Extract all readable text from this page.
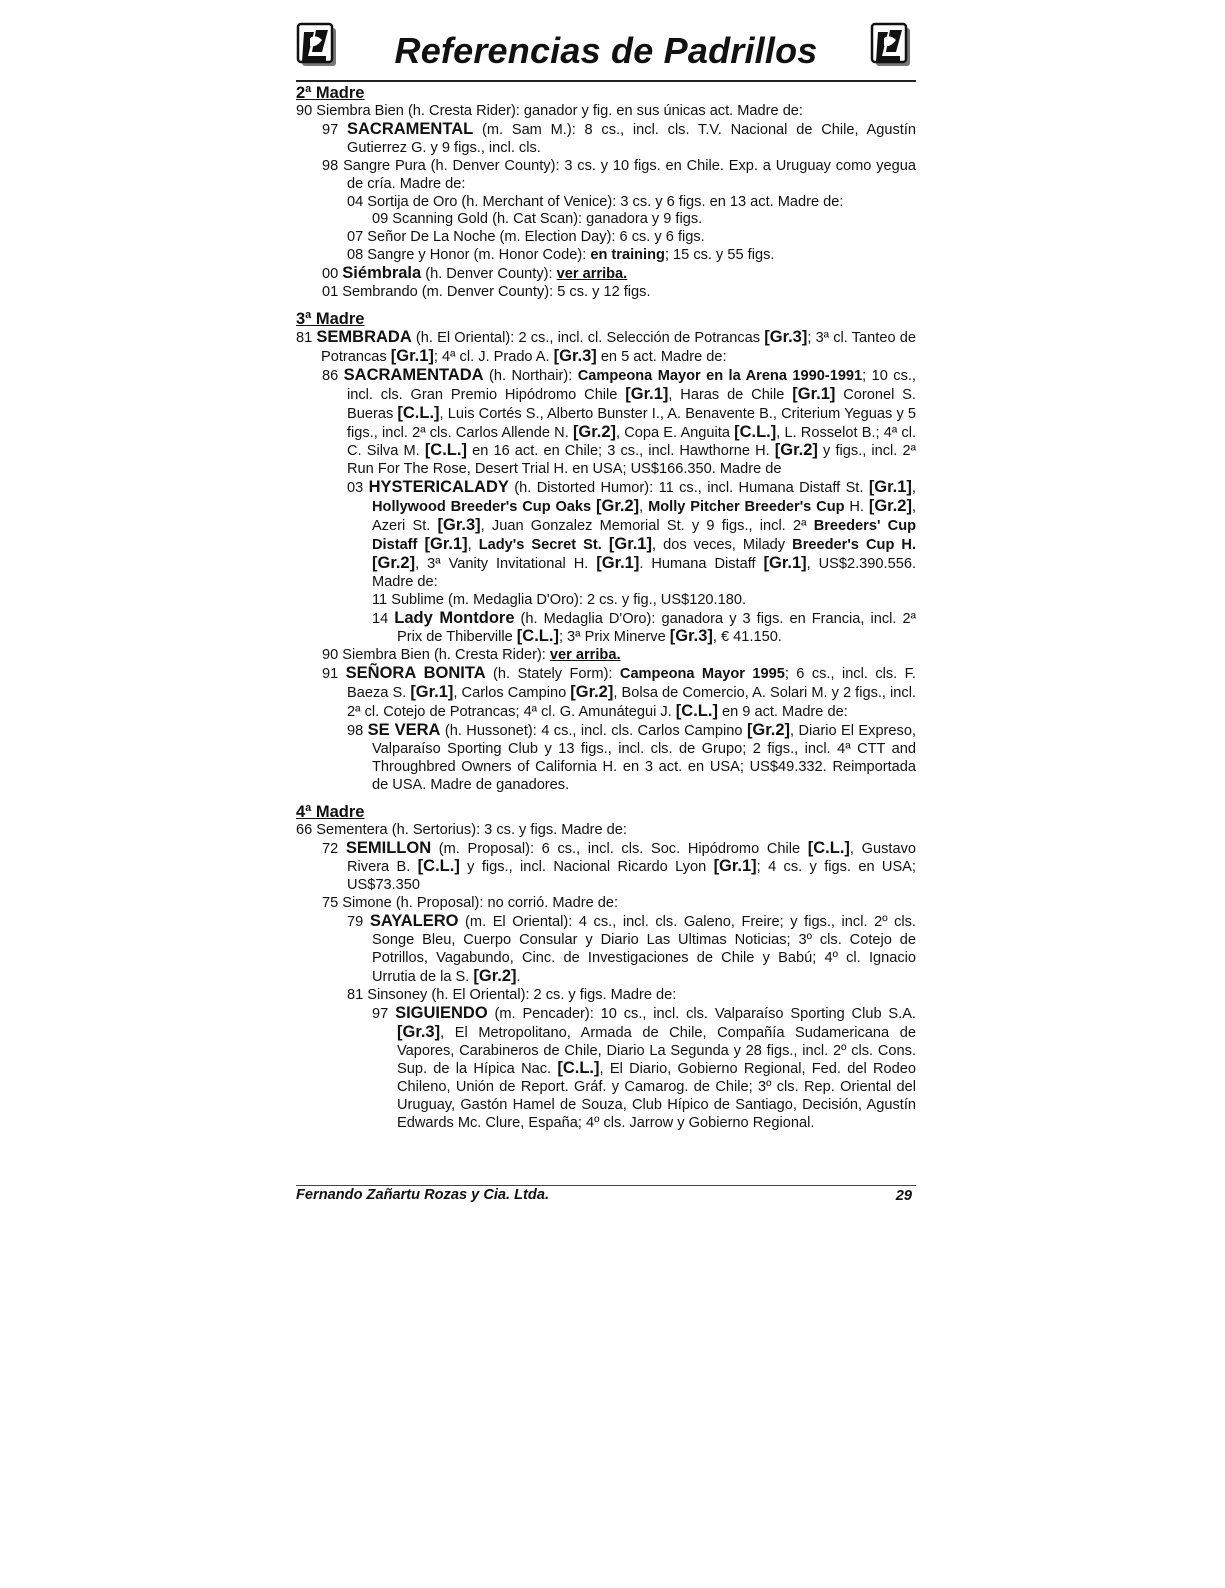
Referencias de Padrillos
2ª Madre
90 Siembra Bien (h. Cresta Rider): ganador y fig. en sus únicas act. Madre de:
97 SACRAMENTAL (m. Sam M.): 8 cs., incl. cls. T.V. Nacional de Chile, Agustín Gutierrez G. y 9 figs., incl. cls.
98 Sangre Pura (h. Denver County): 3 cs. y 10 figs. en Chile. Exp. a Uruguay como yegua de cría. Madre de:
04 Sortija de Oro (h. Merchant of Venice): 3 cs. y 6 figs. en 13 act. Madre de:
09 Scanning Gold (h. Cat Scan): ganadora y 9 figs.
07 Señor De La Noche (m. Election Day): 6 cs. y 6 figs.
08 Sangre y Honor (m. Honor Code): en training; 15 cs. y 55 figs.
00 Siémbrala (h. Denver County): ver arriba.
01 Sembrando (m. Denver County): 5 cs. y 12 figs.
3ª Madre
81 SEMBRADA (h. El Oriental): 2 cs., incl. cl. Selección de Potrancas [Gr.3]; 3ª cl. Tanteo de Potrancas [Gr.1]; 4ª cl. J. Prado A. [Gr.3] en 5 act. Madre de:
86 SACRAMENTADA (h. Northair): Campeona Mayor en la Arena 1990-1991; 10 cs., incl. cls. Gran Premio Hipódromo Chile [Gr.1], Haras de Chile [Gr.1] Coronel S. Bueras [C.L.], Luis Cortés S., Alberto Bunster I., A. Benavente B., Criterium Yeguas y 5 figs., incl. 2ª cls. Carlos Allende N. [Gr.2], Copa E. Anguita [C.L.], L. Rosselot B.; 4ª cl. C. Silva M. [C.L.] en 16 act. en Chile; 3 cs., incl. Hawthorne H. [Gr.2] y figs., incl. 2ª Run For The Rose, Desert Trial H. en USA; US$166.350. Madre de
03 HYSTERICALADY (h. Distorted Humor): 11 cs., incl. Humana Distaff St. [Gr.1], Hollywood Breeder's Cup Oaks [Gr.2], Molly Pitcher Breeder's Cup H. [Gr.2], Azeri St. [Gr.3], Juan Gonzalez Memorial St. y 9 figs., incl. 2ª Breeders' Cup Distaff [Gr.1], Lady's Secret St. [Gr.1], dos veces, Milady Breeder's Cup H. [Gr.2], 3ª Vanity Invitational H. [Gr.1]. Humana Distaff [Gr.1], US$2.390.556. Madre de:
11 Sublime (m. Medaglia D'Oro): 2 cs. y fig., US$120.180.
14 Lady Montdore (h. Medaglia D'Oro): ganadora y 3 figs. en Francia, incl. 2ª Prix de Thiberville [C.L.]; 3ª Prix Minerve [Gr.3], € 41.150.
90 Siembra Bien (h. Cresta Rider): ver arriba.
91 SEÑORA BONITA (h. Stately Form): Campeona Mayor 1995; 6 cs., incl. cls. F. Baeza S. [Gr.1], Carlos Campino [Gr.2], Bolsa de Comercio, A. Solari M. y 2 figs., incl. 2ª cl. Cotejo de Potrancas; 4ª cl. G. Amunátegui J. [C.L.] en 9 act. Madre de:
98 SE VERA (h. Hussonet): 4 cs., incl. cls. Carlos Campino [Gr.2], Diario El Expreso, Valparaíso Sporting Club y 13 figs., incl. cls. de Grupo; 2 figs., incl. 4ª CTT and Throughbred Owners of California H. en 3 act. en USA; US$49.332. Reimportada de USA. Madre de ganadores.
4ª Madre
66 Sementera (h. Sertorius): 3 cs. y figs. Madre de:
72 SEMILLON (m. Proposal): 6 cs., incl. cls. Soc. Hipódromo Chile [C.L.], Gustavo Rivera B. [C.L.] y figs., incl. Nacional Ricardo Lyon [Gr.1]; 4 cs. y figs. en USA; US$73.350
75 Simone (h. Proposal): no corrió. Madre de:
79 SAYALERO (m. El Oriental): 4 cs., incl. cls. Galeno, Freire; y figs., incl. 2º cls. Songe Bleu, Cuerpo Consular y Diario Las Ultimas Noticias; 3º cls. Cotejo de Potrillos, Vagabundo, Cinc. de Investigaciones de Chile y Babú; 4º cl. Ignacio Urrutia de la S. [Gr.2].
81 Sinsoney (h. El Oriental): 2 cs. y figs. Madre de:
97 SIGUIENDO (m. Pencader): 10 cs., incl. cls. Valparaíso Sporting Club S.A. [Gr.3], El Metropolitano, Armada de Chile, Compañía Sudamericana de Vapores, Carabineros de Chile, Diario La Segunda y 28 figs., incl. 2º cls. Cons. Sup. de la Hípica Nac. [C.L.], El Diario, Gobierno Regional, Fed. del Rodeo Chileno, Unión de Report. Gráf. y Camarog. de Chile; 3º cls. Rep. Oriental del Uruguay, Gastón Hamel de Souza, Club Hípico de Santiago, Decisión, Agustín Edwards Mc. Clure, España; 4º cls. Jarrow y Gobierno Regional.
Fernando Zañartu Rozas y Cia. Ltda.	29
